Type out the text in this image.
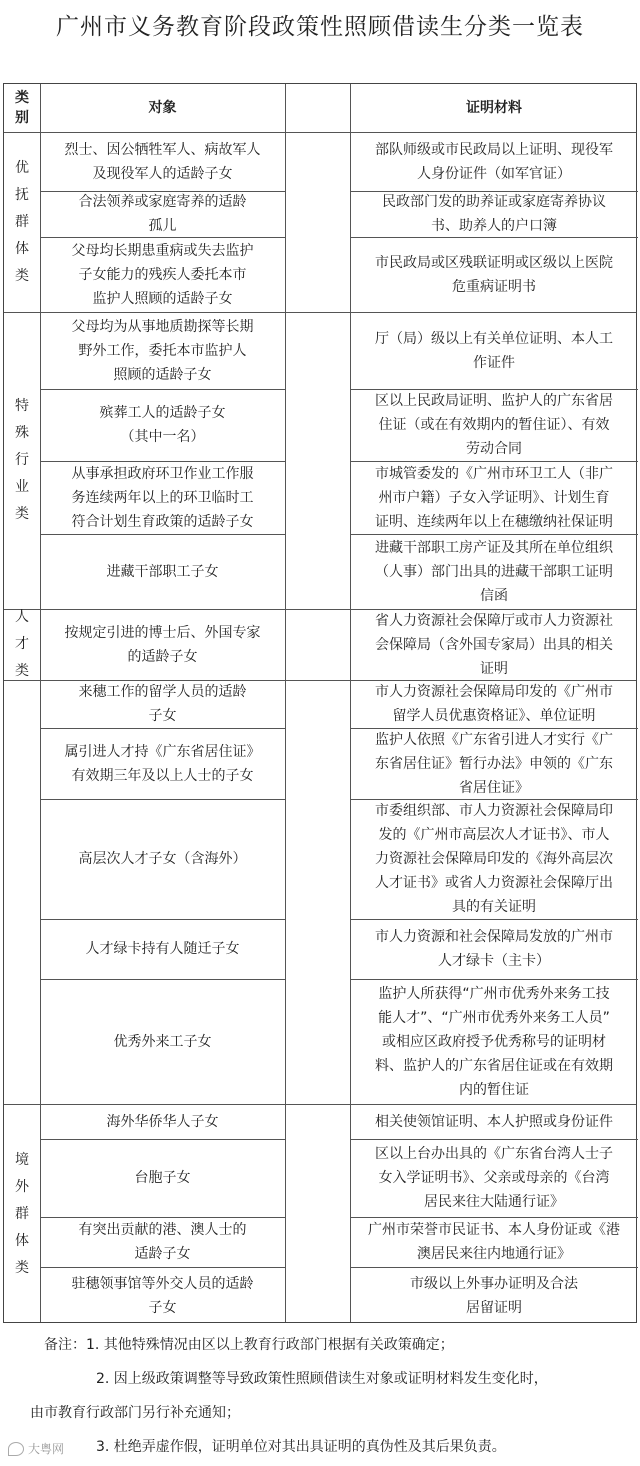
广州市义务教育阶段政策性照顾借读生分类一览表
类
别
对象	证明材料
优
抚
群
体
类
烈士、因公牺牲军人、病故军人
及现役军人的适龄子女
部队师级或市民政局以上证明、现役军
人身份证件（如军官证）
合法领养或家庭寄养的适龄
孤儿
民政部门发的助养证或家庭寄养协议
书、助养人的户口簿
父母均长期患重病或失去监护
子女能力的残疾人委托本市
监护人照顾的适龄子女
市民政局或区残联证明或区级以上医院
危重病证明书
特
殊
行
业
类
父母均为从事地质勘探等长期
野外工作，委托本市监护人
照顾的适龄子女
厅（局）级以上有关单位证明、本人工
作证件
殡葬工人的适龄子女
（其中一名）
区以上民政局证明、监护人的广东省居
住证（或在有效期内的暂住证）、有效
劳动合同
从事承担政府环卫作业工作服
务连续两年以上的环卫临时工
符合计划生育政策的适龄子女
市城管委发的《广州市环卫工人（非广
州市户籍）子女入学证明》、计划生育
证明、连续两年以上在穗缴纳社保证明
进藏干部职工子女
进藏干部职工房产证及其所在单位组织
（人事）部门出具的进藏干部职工证明
信函
人
才
类
按规定引进的博士后、外国专家
的适龄子女
省人力资源社会保障厅或市人力资源社
会保障局（含外国专家局）出具的相关
证明
来穗工作的留学人员的适龄
子女
市人力资源社会保障局印发的《广州市
留学人员优惠资格证》、单位证明
属引进人才持《广东省居住证》
有效期三年及以上人士的子女
监护人依照《广东省引进人才实行《广
东省居住证》暂行办法》申领的《广东
省居住证》
高层次人才子女（含海外）
市委组织部、市人力资源社会保障局印
发的《广州市高层次人才证书》、市人
力资源社会保障局印发的《海外高层次
人才证书》或省人力资源社会保障厅出
具的有关证明
人才绿卡持有人随迁子女
市人力资源和社会保障局发放的广州市
人才绿卡（主卡）
优秀外来工子女
监护人所获得“广州市优秀外来务工技
能人才”、“广州市优秀外来务工人员”
或相应区政府授予优秀称号的证明材
料、监护人的广东省居住证或在有效期
内的暂住证
境
外
群
体
类
海外华侨华人子女	相关使领馆证明、本人护照或身份证件
台胞子女
区以上台办出具的《广东省台湾人士子
女入学证明书》、父亲或母亲的《台湾
居民来往大陆通行证》
有突出贡献的港、澳人士的
适龄子女
广州市荣誉市民证书、本人身份证或《港
澳居民来往内地通行证》
驻穗领事馆等外交人员的适龄
子女
市级以上外事办证明及合法
居留证明
备注：1. 其他特殊情况由区以上教育行政部门根据有关政策确定；
2. 因上级政策调整等导致政策性照顾借读生对象或证明材料发生变化时，
由市教育行政部门另行补充通知；
3. 杜绝弄虚作假，证明单位对其出具证明的真伪性及其后果负责。
大粤网
